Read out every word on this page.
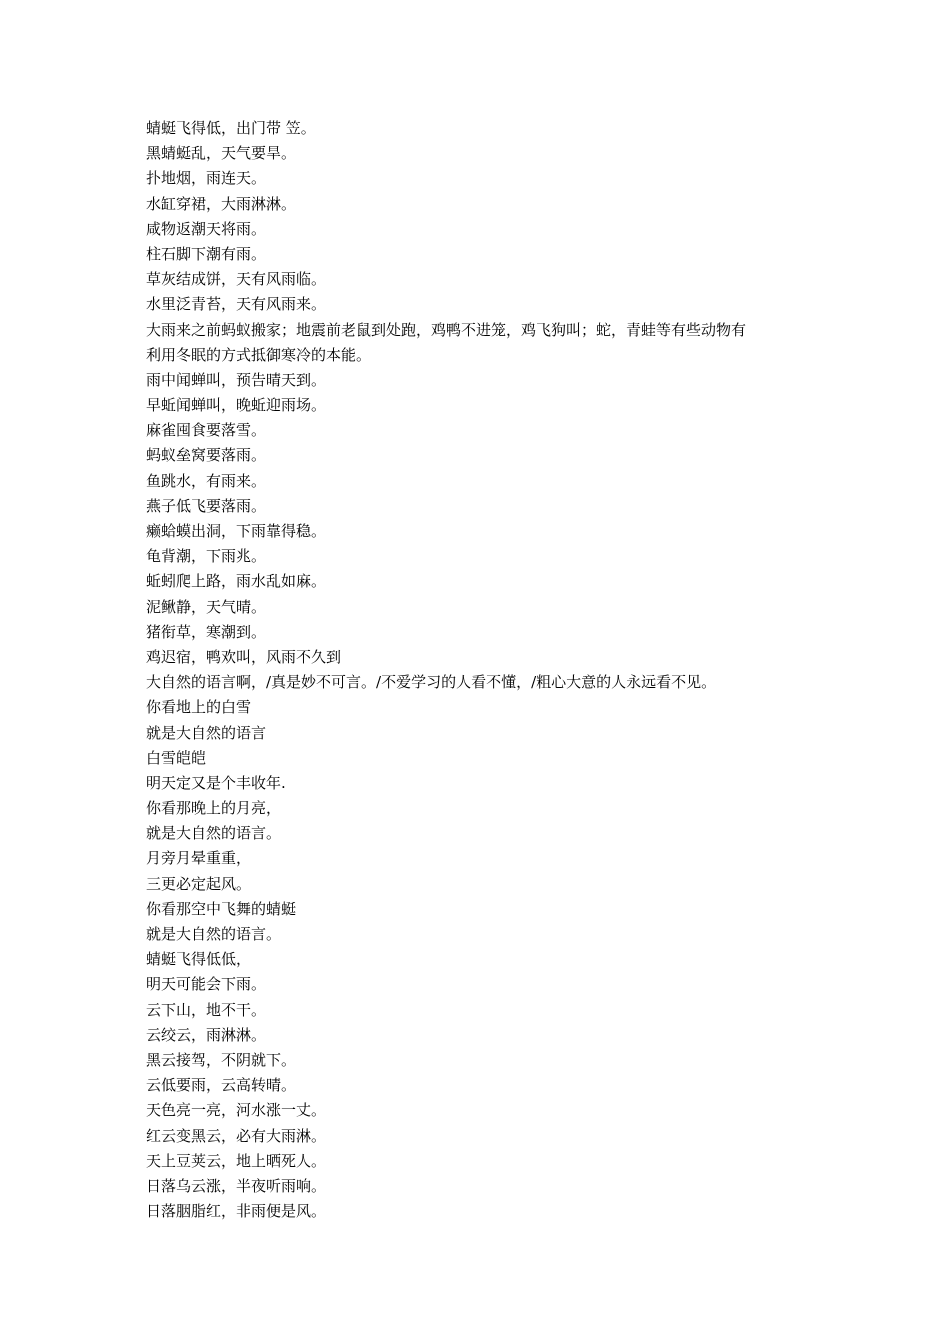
蜻蜓飞得低，出门带 笠。
黑蜻蜓乱，天气要旱。
扑地烟，雨连天。
水缸穿裙，大雨淋淋。
咸物返潮天将雨。
柱石脚下潮有雨。
草灰结成饼，天有风雨临。
水里泛青苔，天有风雨来。
大雨来之前蚂蚁搬家；地震前老鼠到处跑，鸡鸭不进笼，鸡飞狗叫；蛇，青蛙等有些动物有
利用冬眠的方式抵御寒冷的本能。
雨中闻蝉叫，预告晴天到。
早蚯闻蝉叫，晚蚯迎雨场。
麻雀囤食要落雪。
蚂蚁垒窝要落雨。
鱼跳水，有雨来。
燕子低飞要落雨。
癞蛤蟆出洞，下雨靠得稳。
龟背潮，下雨兆。
蚯蚓爬上路，雨水乱如麻。
泥鳅静，天气晴。
猪衔草，寒潮到。
鸡迟宿，鸭欢叫，风雨不久到
大自然的语言啊，/真是妙不可言。/不爱学习的人看不懂，/粗心大意的人永远看不见。
你看地上的白雪
就是大自然的语言
白雪皑皑
明天定又是个丰收年.
你看那晚上的月亮，
就是大自然的语言。
月旁月晕重重，
三更必定起风。
你看那空中飞舞的蜻蜓
就是大自然的语言。
蜻蜓飞得低低，
明天可能会下雨。
云下山，地不干。
云绞云，雨淋淋。
黑云接驾，不阴就下。
云低要雨，云高转晴。
天色亮一亮，河水涨一丈。
红云变黑云，必有大雨淋。
天上豆荚云，地上晒死人。
日落乌云涨，半夜听雨响。
日落胭脂红，非雨便是风。
